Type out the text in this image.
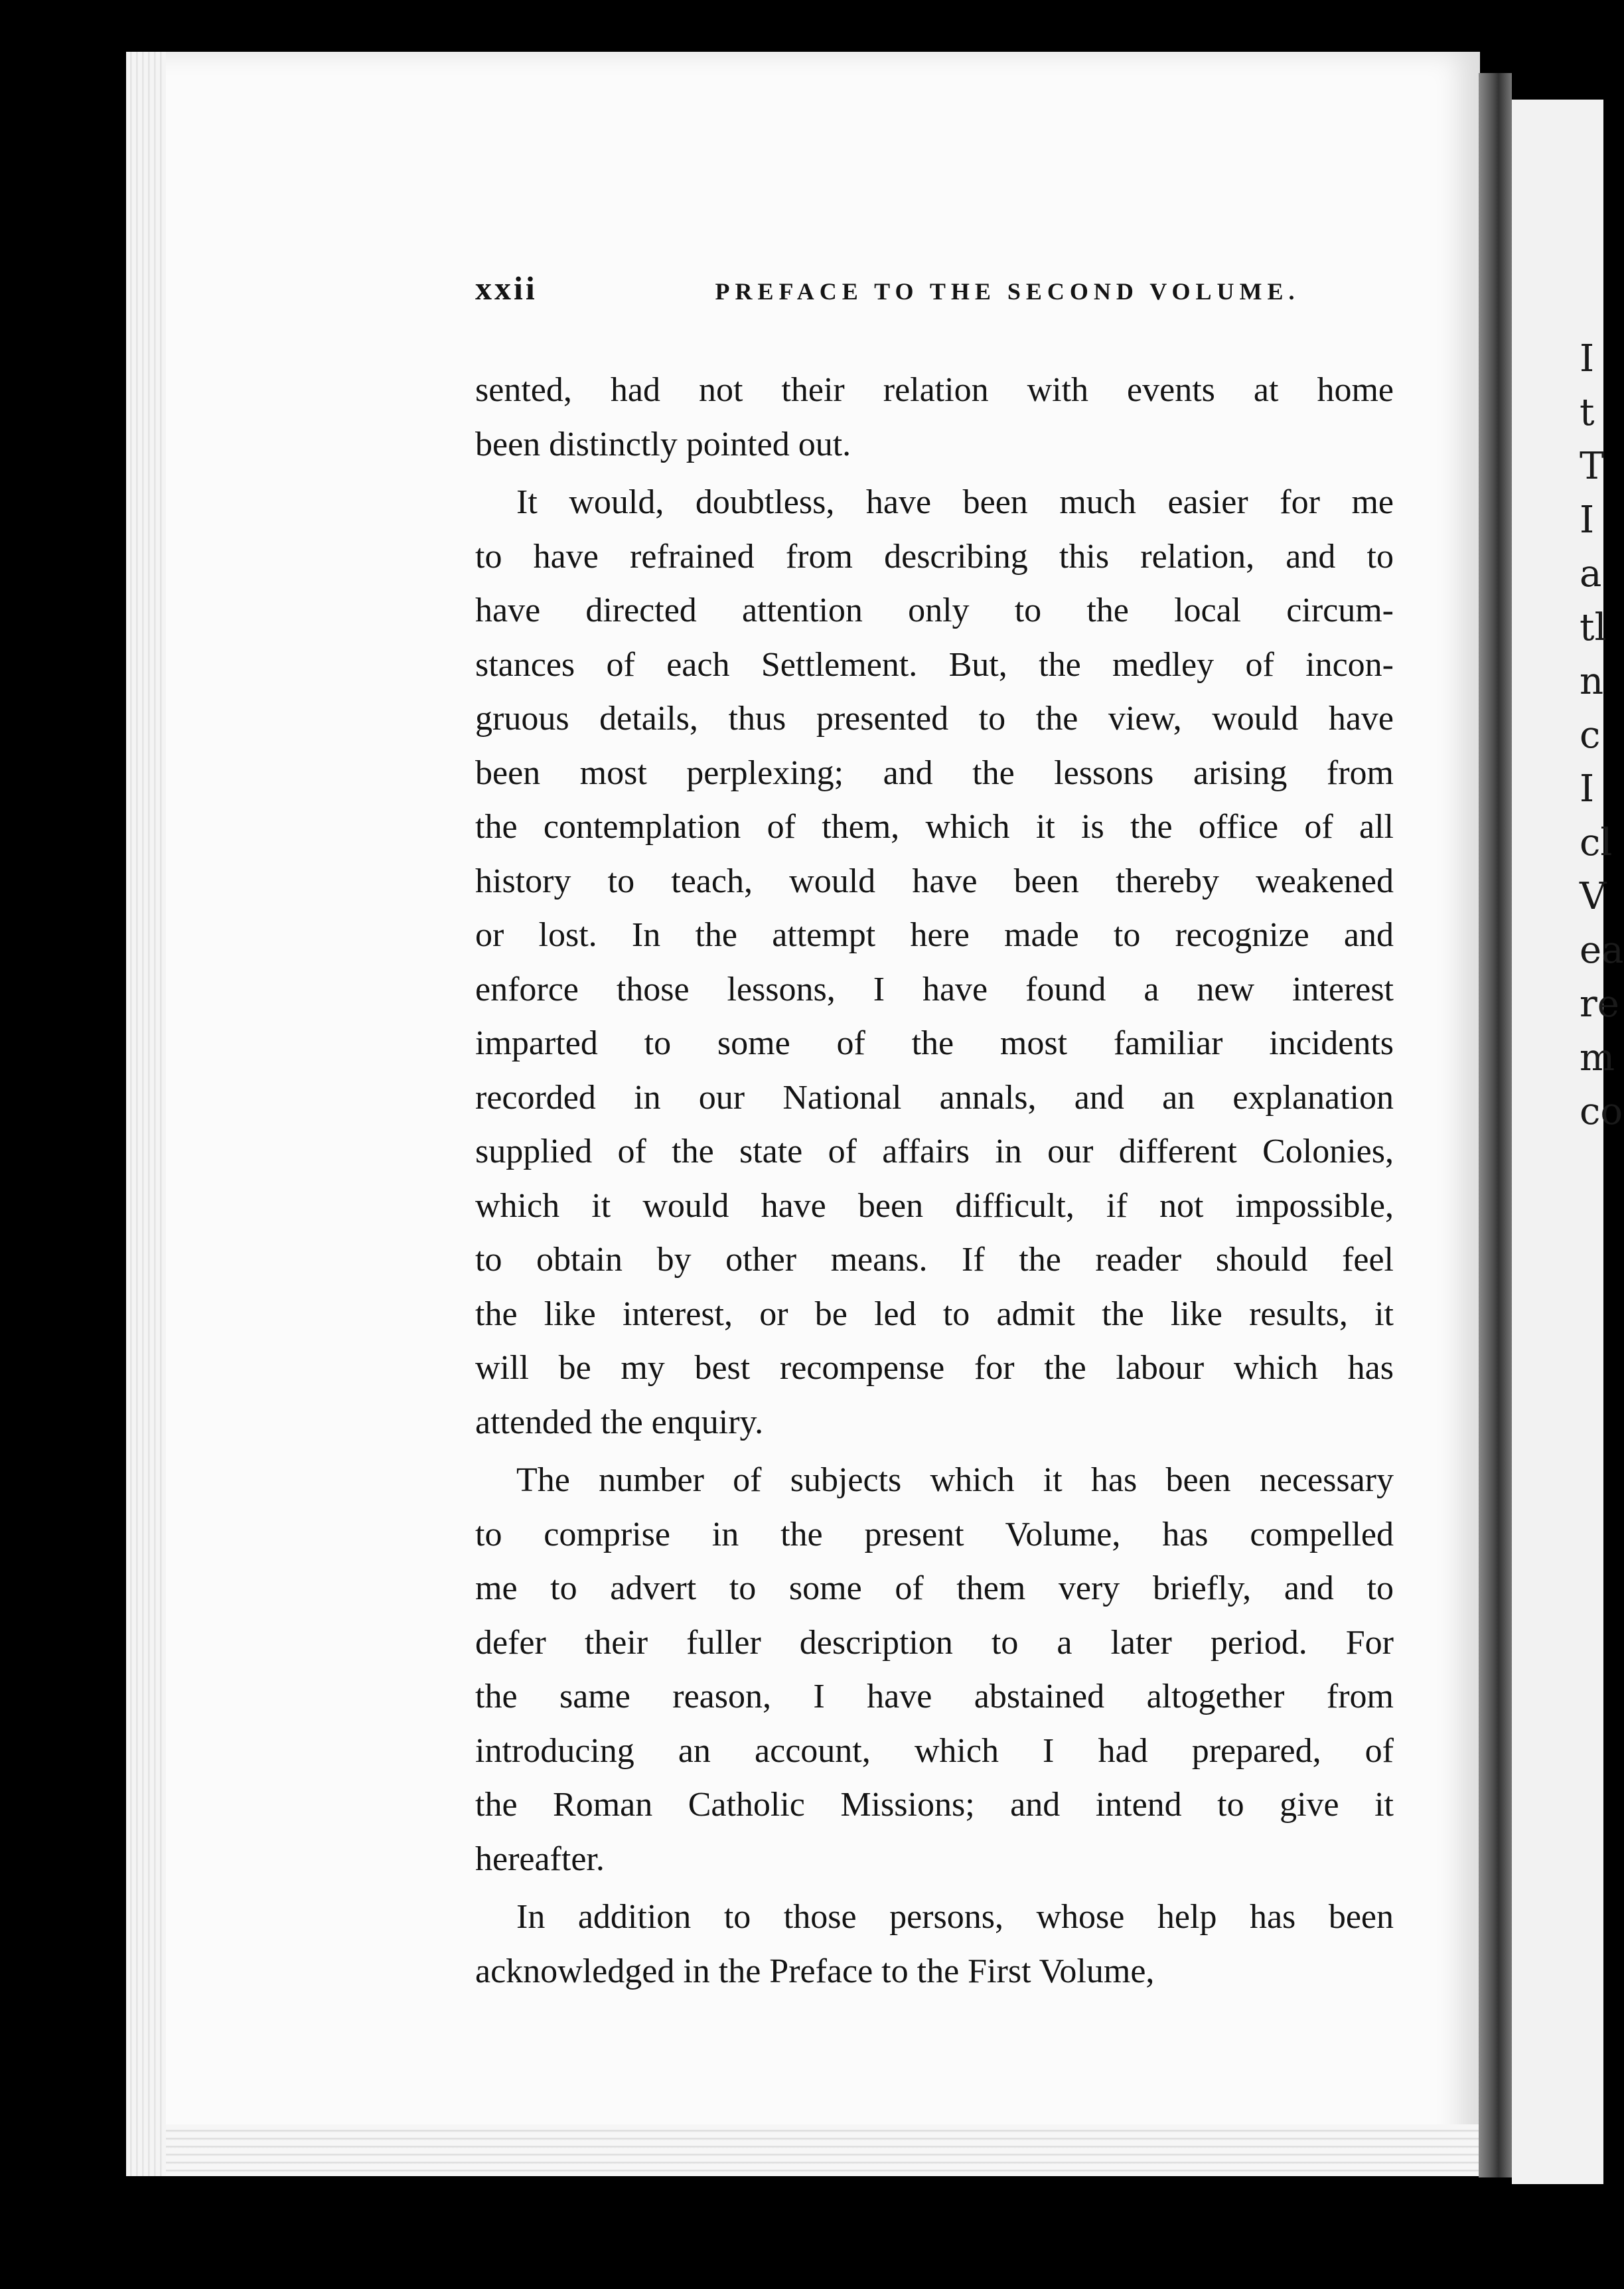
I
t
T
I
a
tl
n
c
I
cl
V
ea
re
m
co
xxii	PREFACE TO THE SECOND VOLUME.
sented, had not their relation with events at home
been distinctly pointed out.
It would, doubtless, have been much easier for me
to have refrained from describing this relation, and to
have directed attention only to the local circum-
stances of each Settlement. But, the medley of incon-
gruous details, thus presented to the view, would have
been most perplexing; and the lessons arising from
the contemplation of them, which it is the office of all
history to teach, would have been thereby weakened
or lost. In the attempt here made to recognize and
enforce those lessons, I have found a new interest
imparted to some of the most familiar incidents
recorded in our National annals, and an explanation
supplied of the state of affairs in our different Colonies,
which it would have been difficult, if not impossible,
to obtain by other means. If the reader should feel
the like interest, or be led to admit the like results, it
will be my best recompense for the labour which has
attended the enquiry.
The number of subjects which it has been necessary
to comprise in the present Volume, has compelled
me to advert to some of them very briefly, and to
defer their fuller description to a later period. For
the same reason, I have abstained altogether from
introducing an account, which I had prepared, of
the Roman Catholic Missions; and intend to give it
hereafter.
In addition to those persons, whose help has been
acknowledged in the Preface to the First Volume,
